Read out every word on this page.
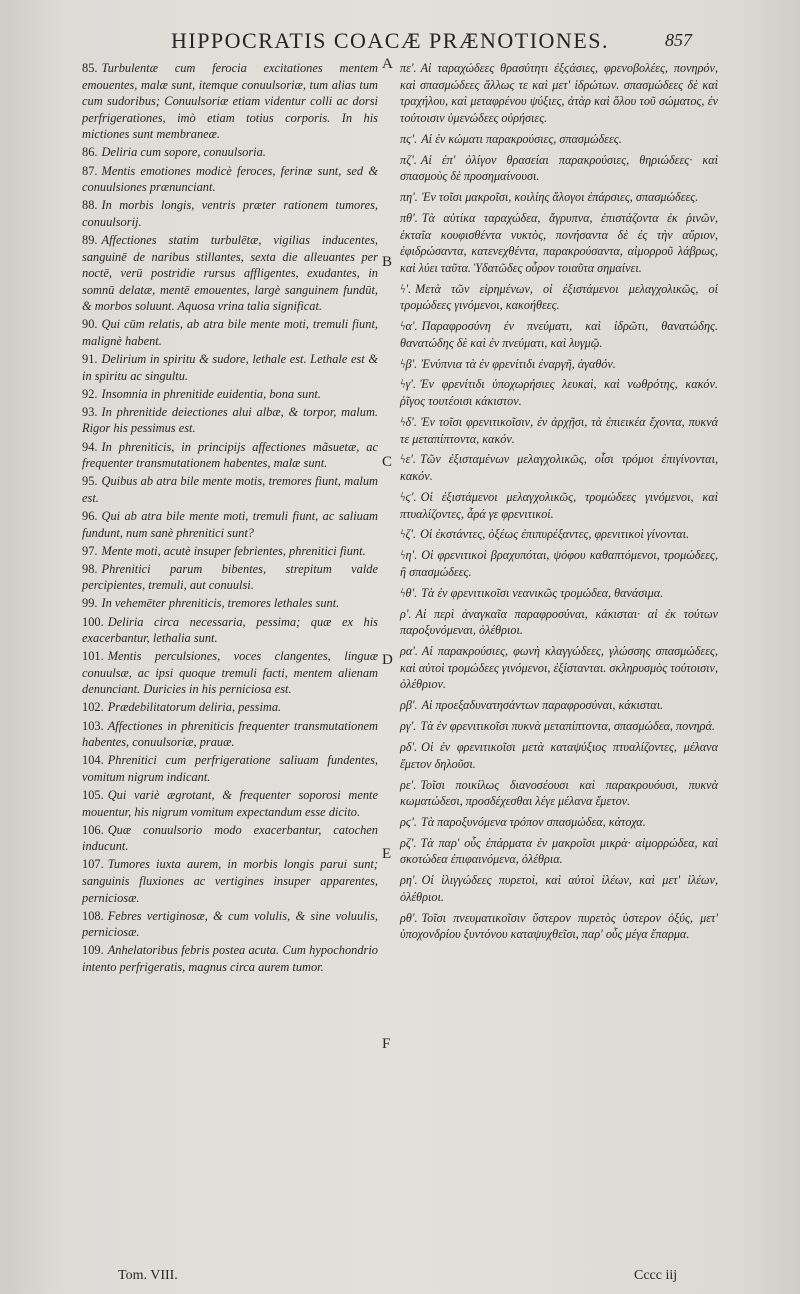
HIPPOCRATIS COACÆ PRÆNOTIONES.	857

85. Turbulentæ cum ferocia excitationes mentem emouentes, malæ sunt, itemque conuulsoriæ, tum alias tum cum sudoribus; Conuulsoriæ etiam videntur colli ac dorsi perfrigerationes, imò etiam totius corporis. In his mictiones sunt membraneæ.

86. Deliria cum sopore, conuulsoria.

87. Mentis emotiones modicè feroces, ferinæ sunt, sed & conuulsiones prænunciant.

88. In morbis longis, ventris præter rationem tumores, conuulsorij.

89. Affectiones statim turbulētæ, vigilias inducentes, sanguinē de naribus stillantes, sexta die alleuantes per noctē, verū postridie rursus affligentes, exudantes, in somnū delatæ, mentē emouentes, largè sanguinem fundūt, & morbos soluunt. Aquosa vrina talia significat.

90. Qui cūm relatis, ab atra bile mente moti, tremuli fiunt, malignè habent.

91. Delirium in spiritu & sudore, lethale est. Lethale est & in spiritu ac singultu.

92. Insomnia in phrenitide euidentia, bona sunt.

93. In phrenitide deiectiones alui albæ, & torpor, malum. Rigor his pessimus est.

94. In phreniticis, in principijs affectiones mãsuetæ, ac frequenter transmutationem habentes, malæ sunt.

95. Quibus ab atra bile mente motis, tremores fiunt, malum est.

96. Qui ab atra bile mente moti, tremuli fiunt, ac saliuam fundunt, num sanè phrenitici sunt?

97. Mente moti, acutè insuper febrientes, phrenitici fiunt.

98. Phrenitici parum bibentes, strepitum valde percipientes, tremuli, aut conuulsi.

99. In vehemēter phreniticis, tremores lethales sunt.

100. Deliria circa necessaria, pessima; quæ ex his exacerbantur, lethalia sunt.

101. Mentis perculsiones, voces clangentes, linguæ conuulsæ, ac ipsi quoque tremuli facti, mentem alienam denunciant. Duricies in his perniciosa est.

102. Prædebilitatorum deliria, pessima.

103. Affectiones in phreniticis frequenter transmutationem habentes, conuulsoriæ, prauæ.

104. Phrenitici cum perfrigeratione saliuam fundentes, vomitum nigrum indicant.

105. Qui variè ægrotant, & frequenter soporosi mente mouentur, his nigrum vomitum expectandum esse dicito.

106. Quæ conuulsorio modo exacerbantur, catochen inducunt.

107. Tumores iuxta aurem, in morbis longis parui sunt; sanguinis fluxiones ac vertigines insuper apparentes, perniciosæ.

108. Febres vertiginosæ, & cum volulis, & sine voluulis, perniciosæ.

109. Anhelatoribus febris postea acuta. Cum hypochondrio intento perfrigeratis, magnus circa aurem tumor.

πε'. Αἱ ταραχώδεες θρασύτητι ἐξϛάσιες, φρενοβολέες, πονηρόν, καὶ σπασμώδεες ἄλλως τε καὶ μετ' ἱδρώτων. σπασμώδεες δὲ καὶ τραχήλου, καὶ μεταφρένου ψύξιες, ἀτὰρ καὶ ὅλου τοῦ σώματος, ἐν τούτοισιν ὑμενώδεες οὐρήσιες.

πϛ'. Αἱ ἐν κώματι παρακρούσιες, σπασμώδεες.

πζ'. Αἱ ἐπ' ὀλίγον θρασείαι παρακρούσιες, θηριώδεες· καὶ σπασμοὺς δὲ προσημαίνουσι.

πη'. Ἐν τοῖσι μακροῖσι, κοιλίης ἄλογοι ἐπάρσιες, σπασμώδεες.

πθ'. Τὰ αὐτίκα ταραχώδεα, ἄγρυπνα, ἐπιστάζοντα ἐκ ῥινῶν, ἑκταῖα κουφισθέντα νυκτὸς, πονήσαντα δὲ ἐς τὴν αὔριον, ἐφιδρώσαντα, κατενεχθέντα, παρακρούσαντα, αἱμορροῦ λάβρως, καὶ λύει ταῦτα. Ὑδατῶδες οὖρον τοιαῦτα σημαίνει.

ϟ'. Μετὰ τῶν εἰρημένων, οἱ ἐξιστάμενοι μελαγχολικῶς, οἱ τρομώδεες γινόμενοι, κακοήθεες.

ϟα'. Παραφροσύνη ἐν πνεύματι, καὶ ἱδρῶτι, θανατώδης. θανατώδης δὲ καὶ ἐν πνεύματι, καὶ λυγμῷ.

ϟβ'. Ἐνύπνια τὰ ἐν φρενίτιδι ἐναργῆ, ἀγαθόν.

ϟγ'. Ἐν φρενίτιδι ὑποχωρήσιες λευκαὶ, καὶ νωθρότης, κακόν. ῥῖγος τουτέοισι κάκιστον.

ϟδ'. Ἐν τοῖσι φρενιτικοῖσιν, ἐν ἀρχῇσι, τὰ ἐπιεικέα ἔχοντα, πυκνά τε μεταπίπτοντα, κακόν.

ϟε'. Τῶν ἐξισταμένων μελαγχολικῶς, οἷσι τρόμοι ἐπιγίνονται, κακόν.

ϟϛ'. Οἱ ἐξιστάμενοι μελαγχολικῶς, τρομώδεες γινόμενοι, καὶ πτυαλίζοντες, ἆρά γε φρενιτικοί.

ϟζ'. Οἱ ἐκστάντες, ὀξέως ἐπιπυρέξαντες, φρενιτικοὶ γίνονται.

ϟη'. Οἱ φρενιτικοὶ βραχυπόται, ψόφου καθαπτόμενοι, τρομώδεες, ἢ σπασμώδεες.

ϟθ'. Τὰ ἐν φρενιτικοῖσι νεανικῶς τρομώδεα, θανάσιμα.

ρ'. Αἱ περὶ ἀναγκαῖα παραφροσύναι, κάκισται· αἱ ἐκ τούτων παροξυνόμεναι, ὀλέθριοι.

ρα'. Αἱ παρακρούσιες, φωνὴ κλαγγώδεες, γλώσσης σπασμώδεες, καὶ αὐτοὶ τρομώδεες γινόμενοι, ἐξίστανται. σκληρυσμὸς τούτοισιν, ὀλέθριον.

ρβ'. Αἱ προεξαδυνατησάντων παραφροσύναι, κάκισται.

ργ'. Τὰ ἐν φρενιτικοῖσι πυκνὰ μεταπίπτοντα, σπασμώδεα, πονηρά.

ρδ'. Οἱ ἐν φρενιτικοῖσι μετὰ καταψύξιος πτυαλίζοντες, μέλανα ἔμετον δηλοῦσι.

ρε'. Τοῖσι ποικίλως διανοσέουσι καὶ παρακρουόυσι, πυκνὰ κωματώδεσι, προσδέχεσθαι λέγε μέλανα ἔμετον.

ρϛ'. Τὰ παροξυνόμενα τρόπον σπασμώδεα, κάτοχα.

ρζ'. Τὰ παρ' οὖς ἐπάρματα ἐν μακροῖσι μικρὰ· αἱμορρώδεα, καὶ σκοτώδεα ἐπιφαινόμενα, ὀλέθρια.

ρη'. Οἱ ἰλιγγώδεες πυρετοὶ, καὶ αὐτοὶ ἰλέων, καὶ μετ' ἰλέων, ὀλέθριοι.

ρθ'. Τοῖσι πνευματικοῖσιν ὕστερον πυρετὸς ὑστερον ὀξύς, μετ' ὑποχονδρίου ξυντόνου καταψυχθεῖσι, παρ' οὖς μέγα ἔπαρμα.

A
B
C
D
E
F
Tom. VIII.	Cccc iij
